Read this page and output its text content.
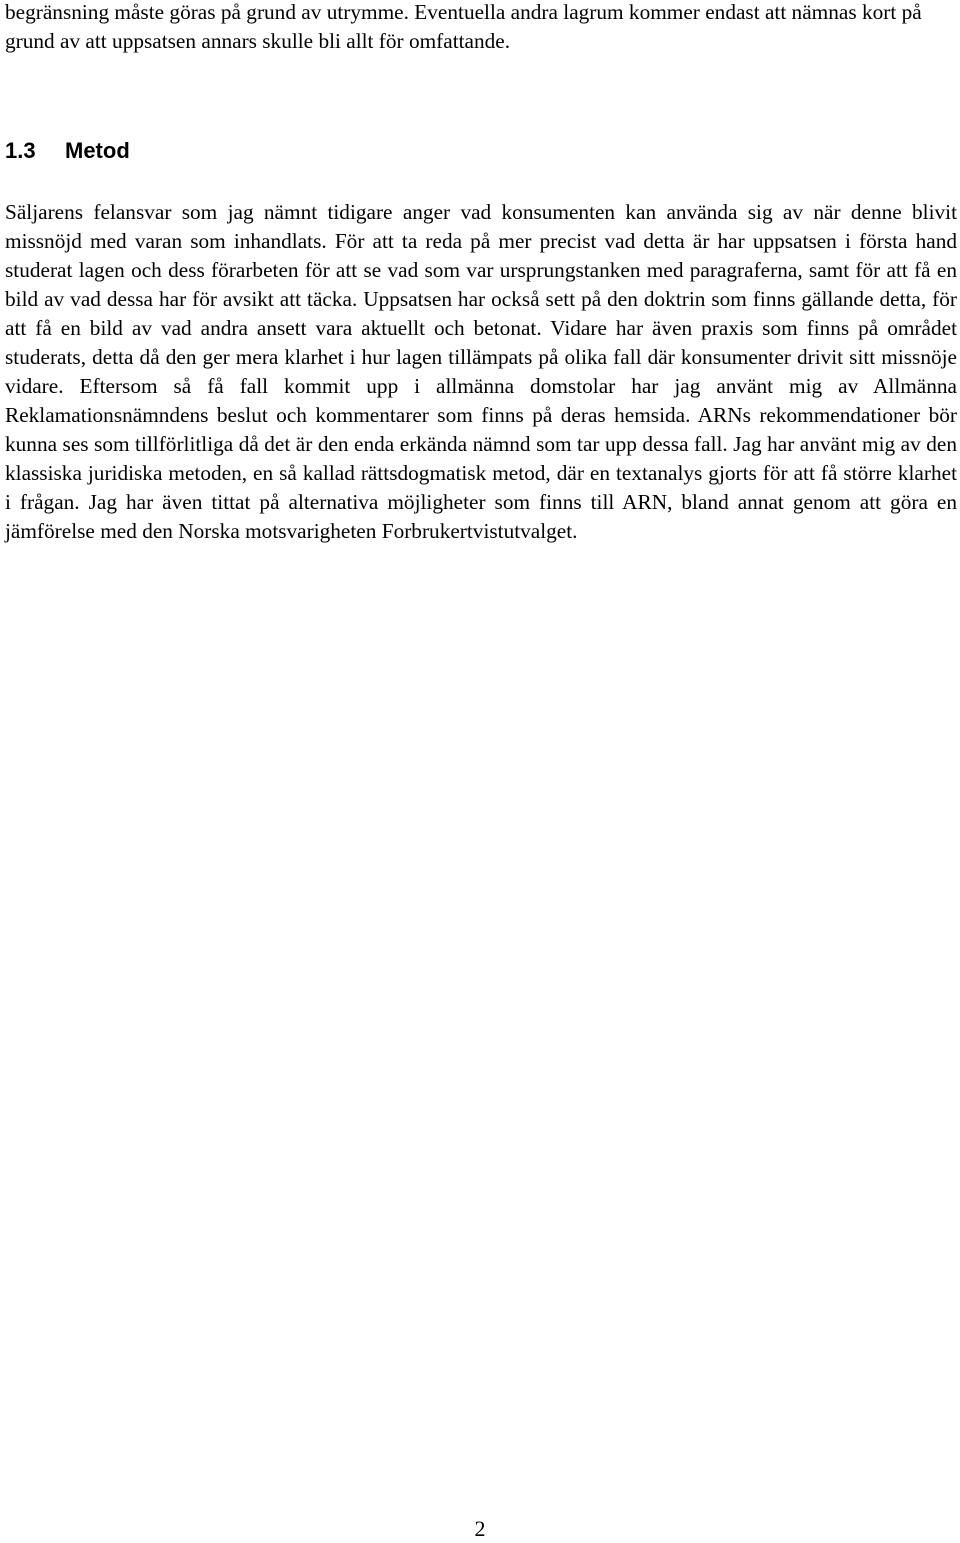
begränsning måste göras på grund av utrymme. Eventuella andra lagrum kommer endast att nämnas kort på grund av att uppsatsen annars skulle bli allt för omfattande.

1.3 Metod

Säljarens felansvar som jag nämnt tidigare anger vad konsumenten kan använda sig av när denne blivit missnöjd med varan som inhandlats. För att ta reda på mer precist vad detta är har uppsatsen i första hand studerat lagen och dess förarbeten för att se vad som var ursprungstanken med paragraferna, samt för att få en bild av vad dessa har för avsikt att täcka. Uppsatsen har också sett på den doktrin som finns gällande detta, för att få en bild av vad andra ansett vara aktuellt och betonat. Vidare har även praxis som finns på området studerats, detta då den ger mera klarhet i hur lagen tillämpats på olika fall där konsumenter drivit sitt missnöje vidare. Eftersom så få fall kommit upp i allmänna domstolar har jag använt mig av Allmänna Reklamationsnämndens beslut och kommentarer som finns på deras hemsida. ARNs rekommendationer bör kunna ses som tillförlitliga då det är den enda erkända nämnd som tar upp dessa fall. Jag har använt mig av den klassiska juridiska metoden, en så kallad rättsdogmatisk metod, där en textanalys gjorts för att få större klarhet i frågan. Jag har även tittat på alternativa möjligheter som finns till ARN, bland annat genom att göra en jämförelse med den Norska motsvarigheten Forbrukertvistutvalget.

2
